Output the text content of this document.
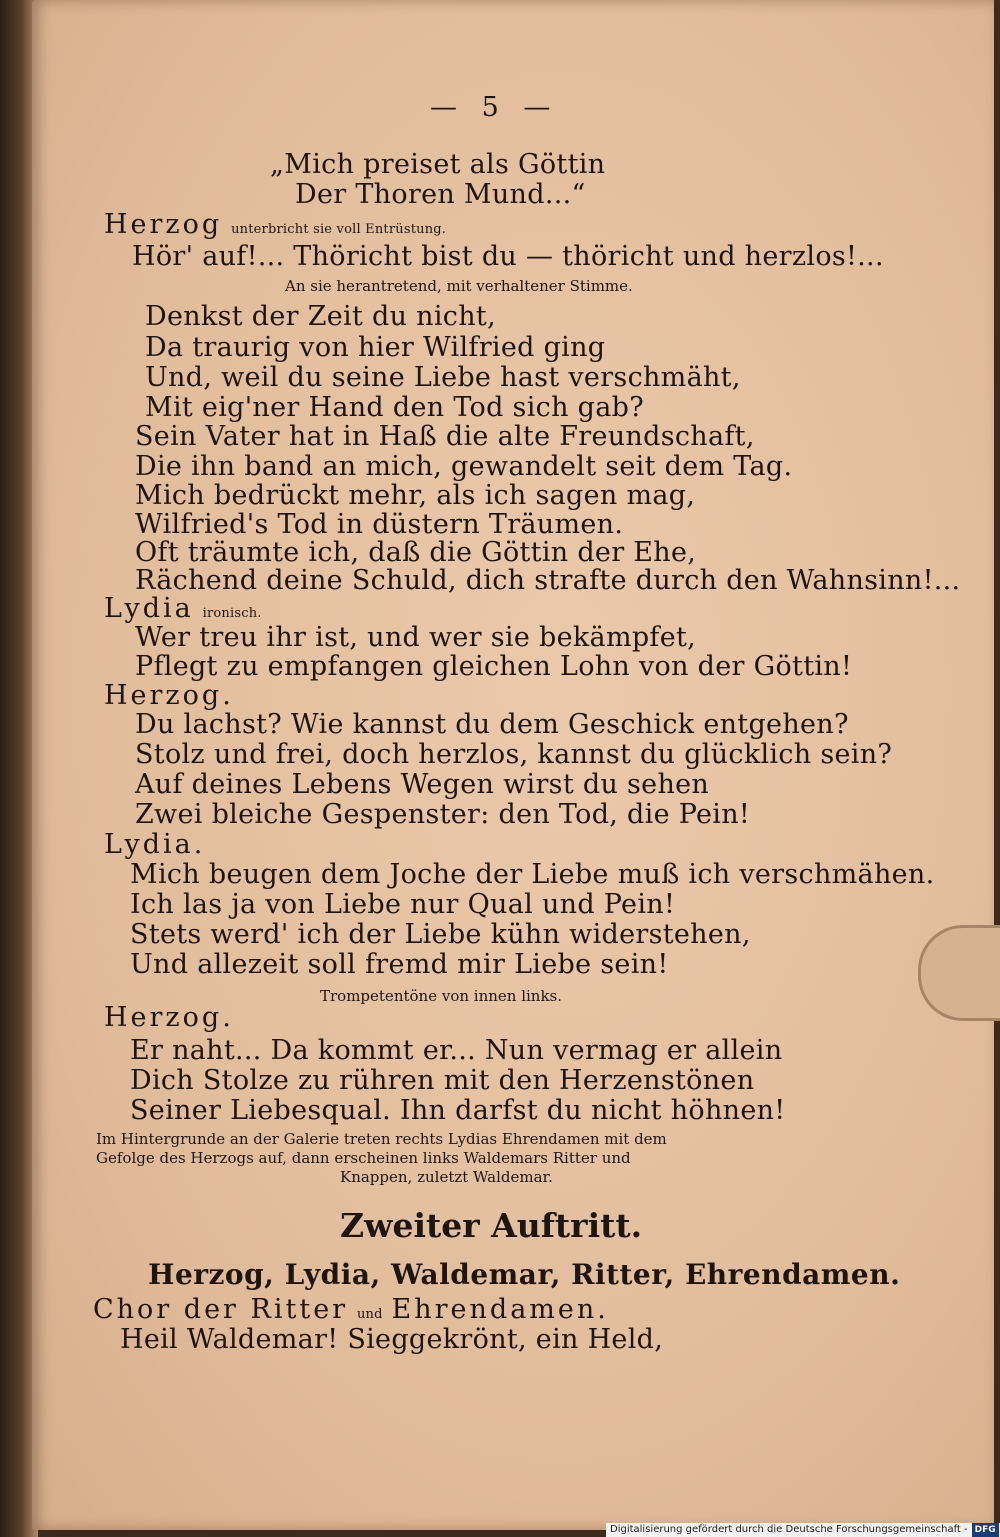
— 5 —
„Mich preiset als Göttin
Der Thoren Mund...“
Herzog unterbricht sie voll Entrüstung.
Hör' auf!... Thöricht bist du — thöricht und herzlos!...
An sie herantretend, mit verhaltener Stimme.
Denkst der Zeit du nicht,
Da traurig von hier Wilfried ging
Und, weil du seine Liebe hast verschmäht,
Mit eig'ner Hand den Tod sich gab?
Sein Vater hat in Haß die alte Freundschaft,
Die ihn band an mich, gewandelt seit dem Tag.
Mich bedrückt mehr, als ich sagen mag,
Wilfried's Tod in düstern Träumen.
Oft träumte ich, daß die Göttin der Ehe,
Rächend deine Schuld, dich strafte durch den Wahnsinn!...
Lydia ironisch.
Wer treu ihr ist, und wer sie bekämpfet,
Pflegt zu empfangen gleichen Lohn von der Göttin!
Herzog.
Du lachst? Wie kannst du dem Geschick entgehen?
Stolz und frei, doch herzlos, kannst du glücklich sein?
Auf deines Lebens Wegen wirst du sehen
Zwei bleiche Gespenster: den Tod, die Pein!
Lydia.
Mich beugen dem Joche der Liebe muß ich verschmähen.
Ich las ja von Liebe nur Qual und Pein!
Stets werd' ich der Liebe kühn widerstehen,
Und allezeit soll fremd mir Liebe sein!
Trompetentöne von innen links.
Herzog.
Er naht... Da kommt er... Nun vermag er allein
Dich Stolze zu rühren mit den Herzenstönen
Seiner Liebesqual. Ihn darfst du nicht höhnen!
Im Hintergrunde an der Galerie treten rechts Lydias Ehrendamen mit dem
Gefolge des Herzogs auf, dann erscheinen links Waldemars Ritter und
Knappen, zuletzt Waldemar.
Zweiter Auftritt.
Herzog, Lydia, Waldemar, Ritter, Ehrendamen.
Chor der Ritter und Ehrendamen.
Heil Waldemar! Sieggekrönt, ein Held,
Digitalisierung gefördert durch die Deutsche Forschungsgemeinschaft - DFG
